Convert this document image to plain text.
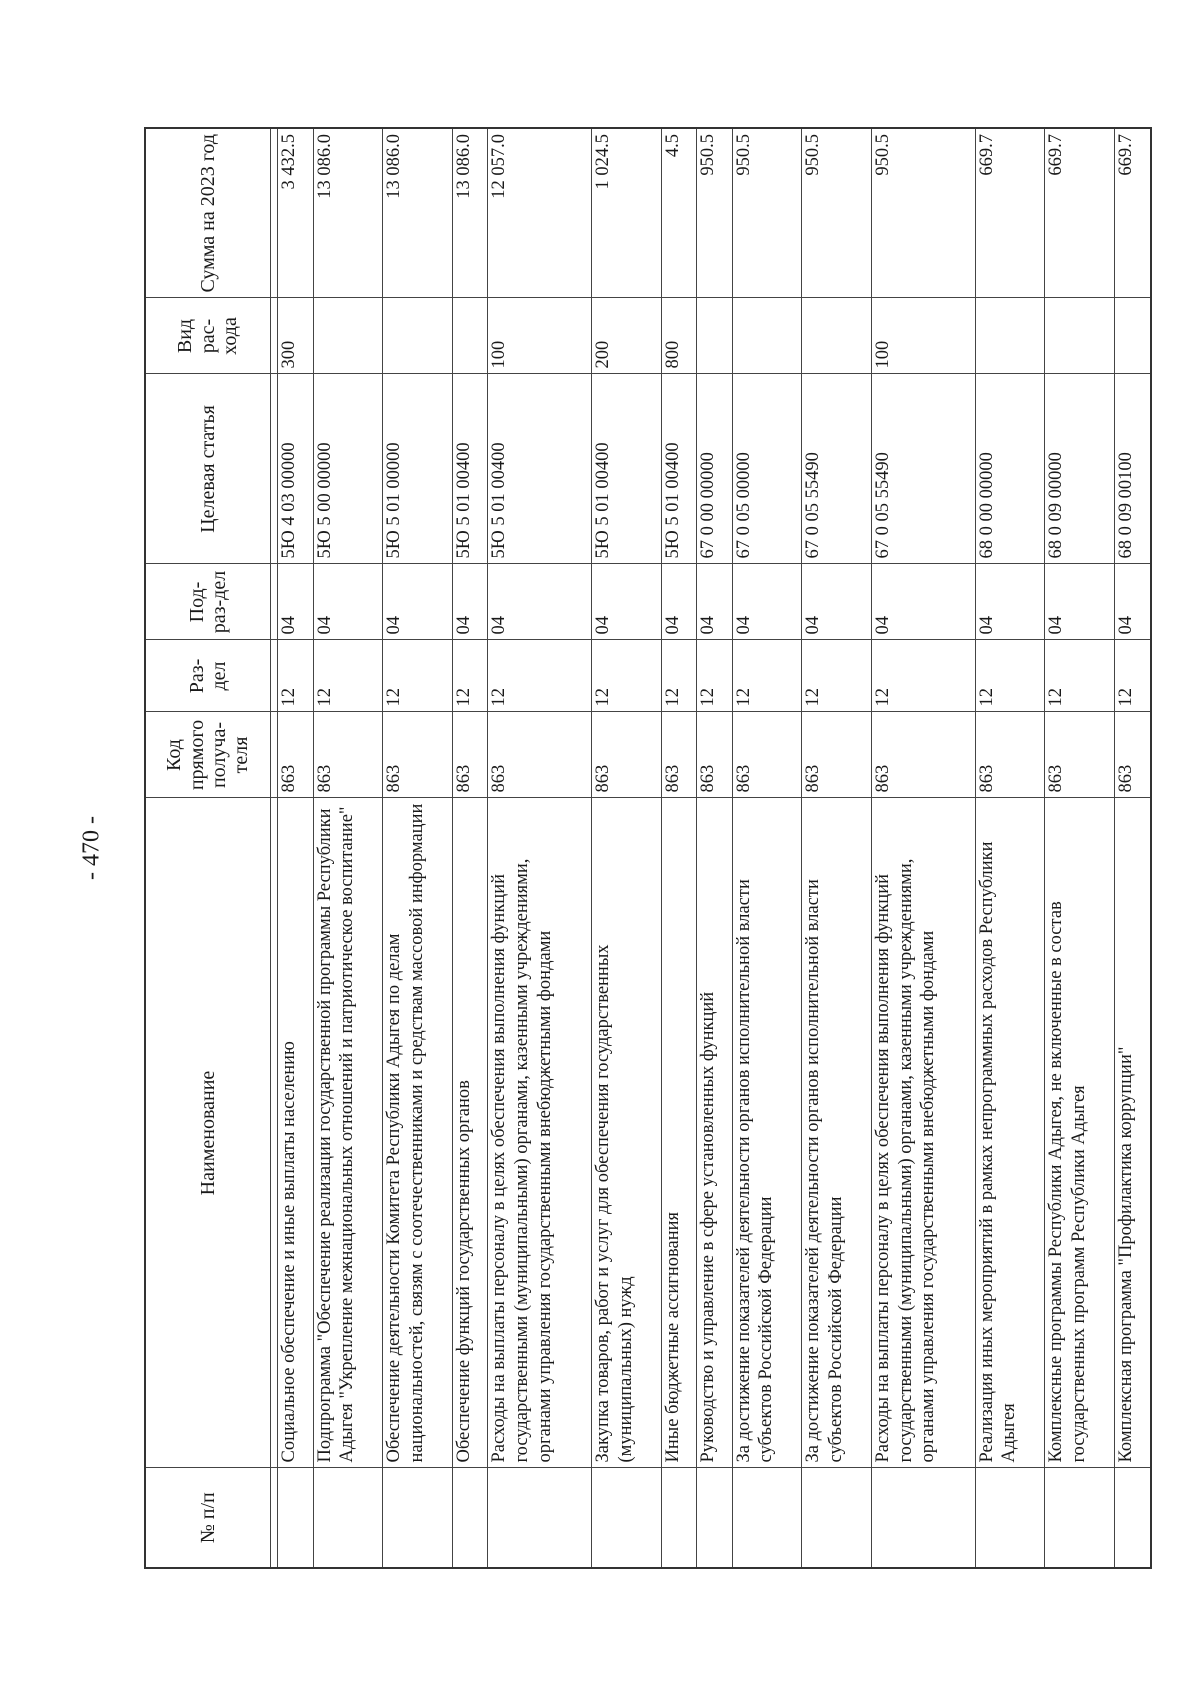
- 470 -
№ п/п	Наименование	Код прямого получа-теля	Раз-дел	Под-раз-дел	Целевая статья	Вид рас-хода	Сумма на 2023 год

	Социальное обеспечение и иные выплаты населению	863	12	04	5Ю 4 03 00000	300	3 432.5
	Подпрограмма "Обеспечение реализации государственной программы Республики Адыгея "Укрепление межнациональных отношений и патриотическое воспитание"	863	12	04	5Ю 5 00 00000		13 086.0
	Обеспечение деятельности Комитета Республики Адыгея по делам национальностей, связям с соотечественниками и средствам массовой информации	863	12	04	5Ю 5 01 00000		13 086.0
	Обеспечение функций государственных органов	863	12	04	5Ю 5 01 00400		13 086.0
	Расходы на выплаты персоналу в целях обеспечения выполнения функций государственными (муниципальными) органами, казенными учреждениями, органами управления государственными внебюджетными фондами	863	12	04	5Ю 5 01 00400	100	12 057.0
	Закупка товаров, работ и услуг для обеспечения государственных (муниципальных) нужд	863	12	04	5Ю 5 01 00400	200	1 024.5
	Иные бюджетные ассигнования	863	12	04	5Ю 5 01 00400	800	4.5
	Руководство и управление в сфере установленных функций	863	12	04	67 0 00 00000		950.5
	За достижение показателей деятельности органов исполнительной власти субъектов Российской Федерации	863	12	04	67 0 05 00000		950.5
	За достижение показателей деятельности органов исполнительной власти субъектов Российской Федерации	863	12	04	67 0 05 55490		950.5
	Расходы на выплаты персоналу в целях обеспечения выполнения функций государственными (муниципальными) органами, казенными учреждениями, органами управления государственными внебюджетными фондами	863	12	04	67 0 05 55490	100	950.5
	Реализация иных мероприятий в рамках непрограммных расходов Республики Адыгея	863	12	04	68 0 00 00000		669.7
	Комплексные программы Республики Адыгея, не включенные в состав государственных программ Республики Адыгея	863	12	04	68 0 09 00000		669.7
	Комплексная программа "Профилактика коррупции"	863	12	04	68 0 09 00100		669.7
